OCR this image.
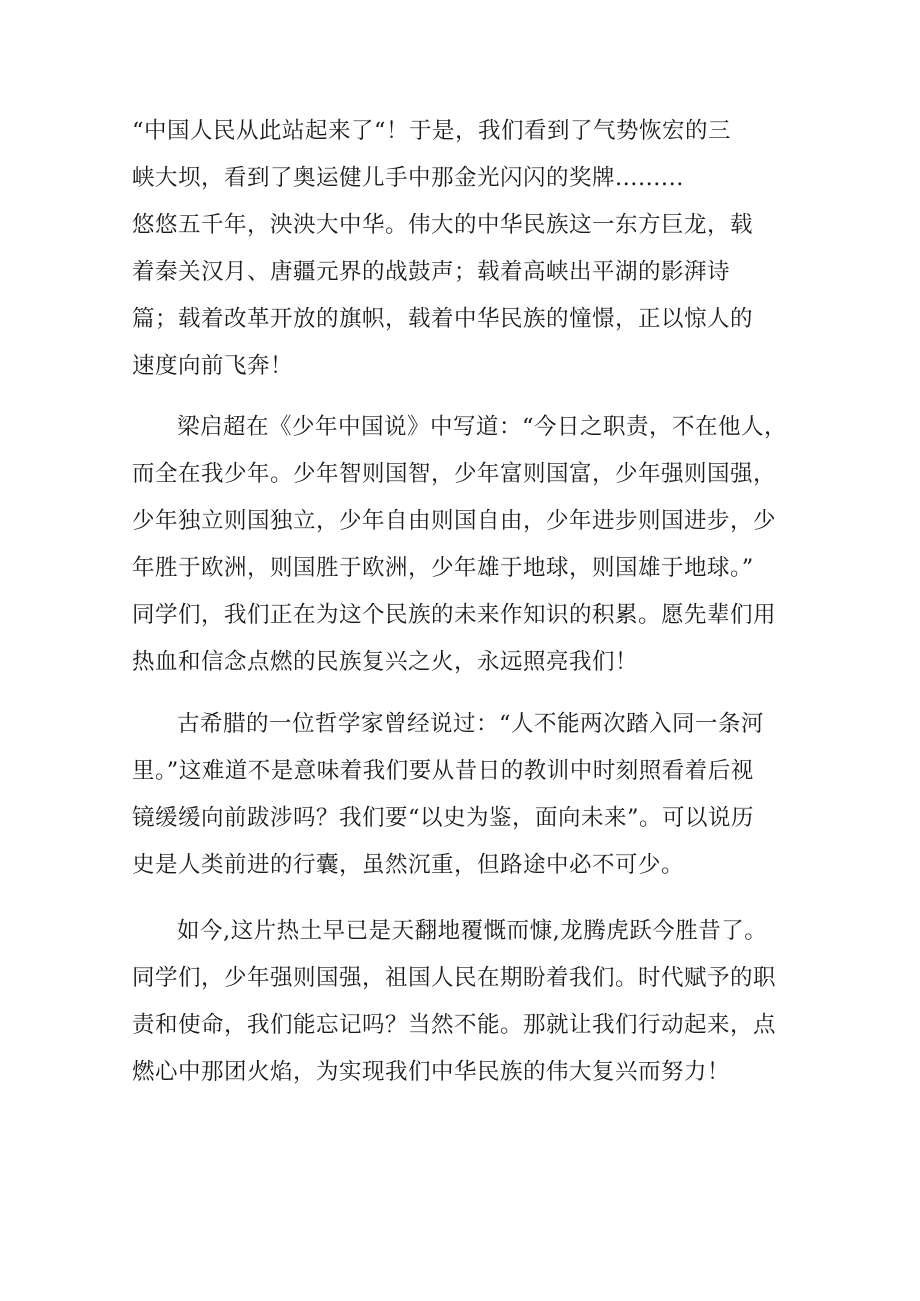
“中国人民从此站起来了“！于是，我们看到了气势恢宏的三
峡大坝，看到了奥运健儿手中那金光闪闪的奖牌.........
悠悠五千年，泱泱大中华。伟大的中华民族这一东方巨龙，载
着秦关汉月、唐疆元界的战鼓声；载着高峡出平湖的影湃诗
篇；载着改革开放的旗帜，载着中华民族的憧憬，正以惊人的
速度向前飞奔！
梁启超在《少年中国说》中写道：“今日之职责，不在他人，
而全在我少年。少年智则国智，少年富则国富，少年强则国强，
少年独立则国独立，少年自由则国自由，少年进步则国进步，少
年胜于欧洲，则国胜于欧洲，少年雄于地球，则国雄于地球。”
同学们，我们正在为这个民族的未来作知识的积累。愿先辈们用
热血和信念点燃的民族复兴之火，永远照亮我们！
古希腊的一位哲学家曾经说过：“人不能两次踏入同一条河
里。”这难道不是意味着我们要从昔日的教训中时刻照看着后视
镜缓缓向前跋涉吗？我们要“以史为鉴，面向未来”。可以说历
史是人类前进的行囊，虽然沉重，但路途中必不可少。
如今,这片热土早已是天翻地覆慨而慷,龙腾虎跃今胜昔了。
同学们，少年强则国强，祖国人民在期盼着我们。时代赋予的职
责和使命，我们能忘记吗？当然不能。那就让我们行动起来，点
燃心中那团火焰，为实现我们中华民族的伟大复兴而努力！
